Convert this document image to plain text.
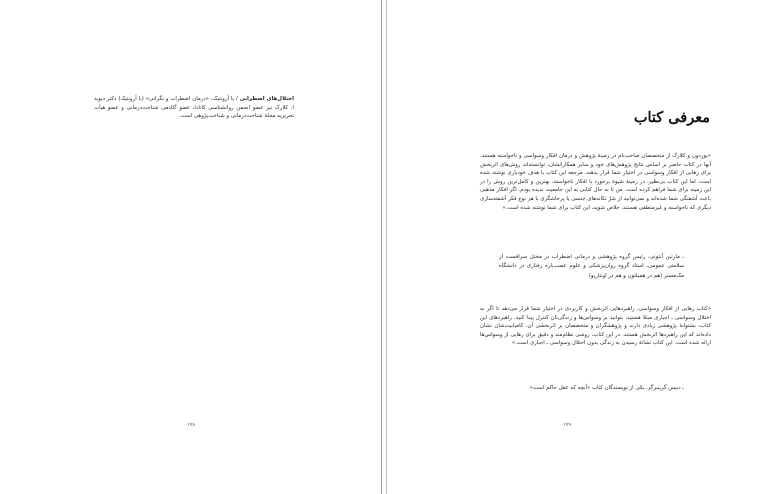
اختلال‌های اضطرابی / با آرونتیک، «درمان اضطراب و نگرانی» (با آرونتیک) دکتر دیوید ا. کلارک نیز عضو انجمن روانشناسی کانادا، عضو آکادمی شناخت‌درمانی و عضو هیأت تحریریه مجلهٔ شناخت‌درمانی و شناخت‌پژوهی است.
۱۷۸
معرفی کتاب
«پوردون و کلارک از متخصصان صاحب‌نام در زمینهٔ پژوهش و درمان افکار وسواسی و ناخواسته هستند. آنها در کتاب حاضر بر اساس نتایج پژوهش‌های خود و سایر همکارانشان، توانسته‌اند روش‌های اثربخش برای رهایی از افکار وسواسی در اختیار شما قرار بدهند. مرجعه این کتاب با هدف خودیاری نوشته شده است، اما این کتاب بی‌نظیر، در زمینهٔ شیوهٔ برخورد با افکار ناخواسته، بهترین و کامل‌ترین روش را در این زمینه برای شما فراهم کرده است. من تا به حال کتابی به این جامعیت ندیده بودم. اگر افکار مذهبی باعث آشفتگی شما شده‌اند و نمی‌توانید از شرّ تکانه‌های جنسی یا پرخاشگری با هر نوع فکر آشفته‌سازی دیگری که ناخواسته و غیرمنطقی هستند، خلاص شوید، این کتاب برای شما نوشته شده است.»
ـ مارتین آنتونی، رئیس گروه پژوهشی و درمانی اضطراب در مختل سرافست از سلامتی عمومی، استاد گروه روان‌پزشکی و علوم عصب‌یاره رفتاری در دانشگاه مک‌مستر (هم در همیلتون و هم در اونتاریو)
«کتاب رهایی از افکار وسواسی، راهبردهایی اثربخش و کاربردی در اختیار شما قرار می‌دهد تا اگر به اختلال وسواسی ـ اجباری مبتلا هستید، بتوانید بر وسواس‌ها و زندگی‌تان کنترل پیدا کنید. راهبردهای این کتاب، بشتوانهٔ پژوهشی زیادی دارند و پژوهشگران و متخصصان بر اثربخشی آن، کامیابیت‌شان نشان داده‌اند که این راهبردها اثربخش هستند. در این کتاب، روشی نظام‌مند و دقیق برای رهایی از وسواس‌ها ارائه شده است. این کتاب نشانهٔ رسیدن به زندگی بدون اختلال وسواسی ـ اجباری است.»
ـ دنیس گرینبرگر، یکی از نویسندگان کتاب «آنچه که عقل حاکم است»
۱۷۹
